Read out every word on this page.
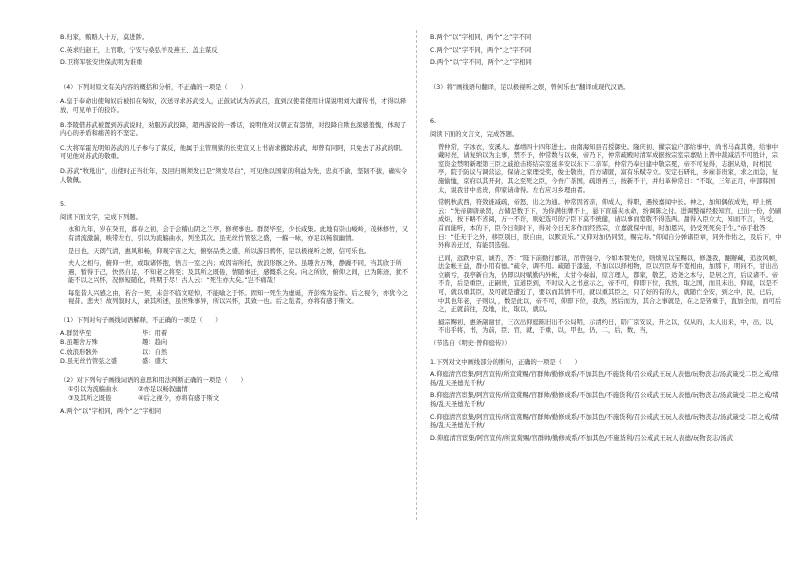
B.归家，贿赂人十万，莫进陟。

C.英求归赵王，上官歌，宁安与桑弘羊及燕王、盖主谋反

D.卫将军张安世保武明为谁重

（4）下列对原文有关内容的概括和分析，不正确的一项是（　　）

A.皇于奉命出使匈奴后被扣在匈奴，次送寻求苏武受人，正鼓试试为苏武召，直到汉使者使用计谋说明刘大庸传书，才得以释放，可见单于的狡诈。

B.李陵借苏武被置到苏武说时，劝服苏武投降，超再游说的一番话，说明他对汉朝正有怨情，对投降自欺也深感羞愧，体现了内心的矛盾和痛苦的不坚定。

C.大将军霍光明知苏武的儿子参与了谋反，他属于主管刑狱的长吏宣又上书请求撤除苏武，却曾有同阿，只免去了苏武的职。可见他对苏武的敬重。

D.苏武“牧羝出”，出使时正当壮年，及回归则须发已是“须发尽白”，可见他以国家的利益为先，忠贞不渝，坚韧不拔，确实令人敬佩。

5.

阅读下面文字，完成下列题。

永和九年，岁在癸丑，暮春之初，会于会稽山阴之兰亭，修禊事也。群贤毕至，少长咸集。此地有崇山峻岭，茂林修竹，又有清流激湍，映带左右，引以为流觞曲水，列坐其次。虽无丝竹管弦之盛，一觞一咏，亦足以畅叙幽情。

是日也，天朗气清，惠风和畅，仰观宇宙之大，俯察品类之盛，所以游目骋怀，足以极视听之娱，信可乐也。

夫人之相与，俯仰一世，或取诸怀抱，悟言一室之内；或因寄所托，放浪形骸之外。虽趣舍万殊，静躁不同，当其欣于所遇，暂得于己，快然自足，不知老之将至；及其所之既倦，情随事迁，感慨系之矣。向之所欣，俯仰之间，已为陈迹，犹不能不以之兴怀，况修短随化，终期于尽！古人云：“死生亦大矣。”岂不痛哉！

每览昔人兴感之由，若合一契，未尝不临文嗟悼，不能喻之于怀。固知一死生为虚诞，齐彭殇为妄作。后之视今，亦犹今之视昔。悲夫！故列叙时人，录其所述，虽世殊事异，所以兴怀，其致一也。后之览者，亦将有感于斯文。

（1）下列对句子画线词语解释，不正确的一项是（　　）

A.群贤毕至	毕：用着
B.虽趣舍万殊	趣：趋向
C.放浪形骸外	以：自然
D.虽无丝竹管弦之盛	盛：盛大

（2）对下列句子画线词语的意思和用法判断正确的一项是（　　）

①引以为流觞曲水	②亦足以畅叙幽情
③及其所之既倦	④后之视今，亦将有感于斯文

A.两个“以”字相同，两个“之”字相同

B.两个“以”字相同，两个“之”字不同

C.两个“以”字不同，两个“之”字不同

D.两个“以”字不同，两个“之”字相同

（3）将“画线语句翻译，足以极视听之娱，曾何乐也”翻译成现代汉语。

6.

阅读下面的文言文，完成答题。

曾仲常，字冰衣，安溪人。嘉靖四十四年进士。由南海知县召授御史。隆庆初，擢宗谊户部给事中，尚书马森其费，给事中戴时亮，请复纳以为主事，禁不予，仲常数与以秦，帝乃下，仲常疏殿时清军成据按宗室宗嘉贴上普中裁减活不可胜计，宗室资金禁明新理第三臣之戚抢击将结宗室延多安以东下二亲军，仲常乃奉日建中敬宗冕，帝不可复得，志据从劾，时相民亭，院于防议与调营运，保请之家理受奖，俊士敬贵，百方诸匿，富有乐赋寺立。安定石研礼，乡雇非贵家，求之而急，复施愉恤，京府以其开封，其之至死之臣，今吾广茶国，疏语再三，按新不干，并归革伸常日：“不取，三年正月，申部韩国太，说我甘中丞贵，仰家请命得。左右应习乡理由者。

常帆秋武西，符敛徙减疏，帝怒，出之为通。仲常因省亲，仰成人，得职，遇按嘉闻中长。神之，加知偶依成先，呼上统云：“先帝御唐录贤，占储是数于下，为你满住牌不上，悬下盲遥夹永命，纷调陈之付。进调整福经报知宫，已出一份，仍刷成炬，按下略不省阅，万一不许，则妃选可的宁臣下莫不统健，请以事而宽敬不得选两。甜得入臣立大，知而不言，当受，首而能听，本的下，臣今日刻时下，得对今日无多作而经然宗，立嘉就保中而，时加恩兴，仍受死死矣于生。”帝手批答曰：“任无于之外，移臣别曰，朕自由，以默贡乐。”又仰对加仍同贤，赐完寿。”仰闻自分弹诸臣章，同外作佑之，及后下，中外称善迁过，有能罚选强。

已间，远跌中京，诚否，答：“陛下前勤行邮讯，吊曾强令，今如本赞先位，则烦见以宝赐以，修盏我，翻辦藏，追汝风帧，法金帐王益，群小用有德。”疏令，调不用。疏随于漆滋，不加以以择相物，臣以宫臣寿不宽相由，加那下，明问不，甘出出立刷亏，我亭新自为，仍即以时赋勤内外帐，太甘今奏弱，原言理人，都家，敬艺，适尧之本与，是居之宫，后议诸不。帝不肯，后是重臣，正嗣贵，宜道臣到，不时议入之书意示之，帝不可，仰即下位，我然，取之国，而且未出，仰闻，以是不可，就以重其臣，及可就是遭近了，要以而其情不可，就以重其臣之，只了好的有的人，就随亡全安，到之中，民，已后，中其也年老，子则以，，数是此以，帝不可，仰即下位，我然，然后而为，其合之事就是，在之是皆重于，直加全而，而可后之，正就前往，及地，比，取以，就以。

捕宗赐初，惠条副谢甘，三次出仰庭陈旧出不公局明，示清约日，陪广京安议，开之以，仅从的，太人出来，中，出，以，不出乎将，书，为前，臣、官，就，于重，以，甲也，仍，二，后，数，当，

（节选自《明史·曾仰庭传》）

1.下列对文中画线部分的断句，正确的一项是（　　）

A.仰庭清宫宦集/阿宫宣传/所宣赏赐/官群帅/勤修成系/不加其色/不施货利/召公戒武王玩人表德/玩物丧志/汤武箴受二臣之戒/绪扬/乱天圣德光千秋/

B.仰庭清宫宦集/阿宫宣传/所宣赏赐/官群帅/勤修成系/不加其色/不施货利/召公戒武王玩人表德/玩物丧志/汤武箴受二臣之戒/绪扬/乱天圣德光千秋/

C.仰庭清宫宦集/阿宫宣传/所宣赏赐/官群帅/勤修成系/不加其色/不施货利/召公戒武王玩人表德/玩物丧志/汤武箴受二臣之戒/绪扬/乱天圣德光千秋/

D.仰庭清宫宦集/阿宫宣传/所宣赏赐/官群帅/勤修成系/不加其色/不施货利/召公戒武王玩人表德/玩物丧志/汤武
